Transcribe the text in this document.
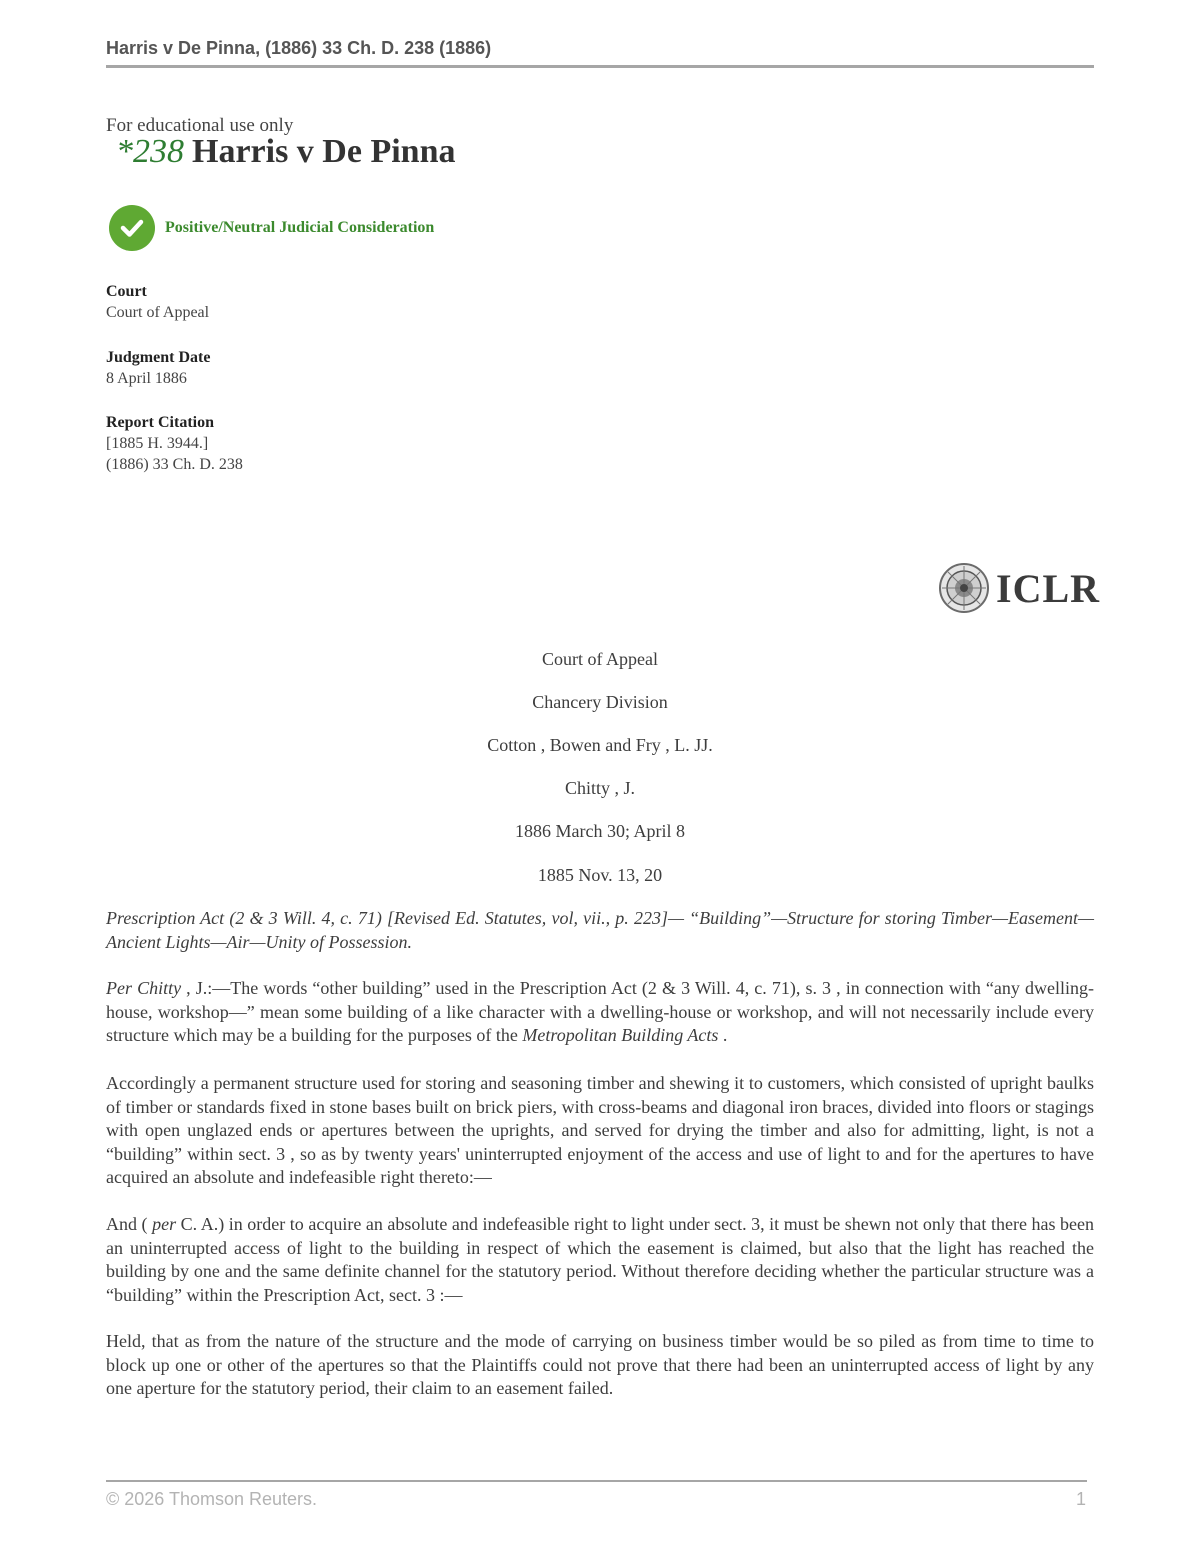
Harris v De Pinna, (1886) 33 Ch. D. 238 (1886)
For educational use only
*238 Harris v De Pinna
Positive/Neutral Judicial Consideration
Court
Court of Appeal
Judgment Date
8 April 1886
Report Citation
[1885 H. 3944.]
(1886) 33 Ch. D. 238
ICLR
Court of Appeal
Chancery Division
Cotton , Bowen and Fry , L. JJ.
Chitty , J.
1886 March 30; April 8
1885 Nov. 13, 20
Prescription Act (2 & 3 Will. 4, c. 71) [Revised Ed. Statutes, vol, vii., p. 223]— “Building”—Structure for storing Timber—Easement—Ancient Lights—Air—Unity of Possession.
Per Chitty , J.:—The words “other building” used in the Prescription Act (2 & 3 Will. 4, c. 71), s. 3 , in connection with “any dwelling-house, workshop—” mean some building of a like character with a dwelling-house or workshop, and will not necessarily include every structure which may be a building for the purposes of the Metropolitan Building Acts .
Accordingly a permanent structure used for storing and seasoning timber and shewing it to customers, which consisted of upright baulks of timber or standards fixed in stone bases built on brick piers, with cross-beams and diagonal iron braces, divided into floors or stagings with open unglazed ends or apertures between the uprights, and served for drying the timber and also for admitting, light, is not a “building” within sect. 3 , so as by twenty years' uninterrupted enjoyment of the access and use of light to and for the apertures to have acquired an absolute and indefeasible right thereto:—
And ( per C. A.) in order to acquire an absolute and indefeasible right to light under sect. 3, it must be shewn not only that there has been an uninterrupted access of light to the building in respect of which the easement is claimed, but also that the light has reached the building by one and the same definite channel for the statutory period. Without therefore deciding whether the particular structure was a “building” within the Prescription Act, sect. 3 :—
Held, that as from the nature of the structure and the mode of carrying on business timber would be so piled as from time to time to block up one or other of the apertures so that the Plaintiffs could not prove that there had been an uninterrupted access of light by any one aperture for the statutory period, their claim to an easement failed.
© 2026 Thomson Reuters.	1
